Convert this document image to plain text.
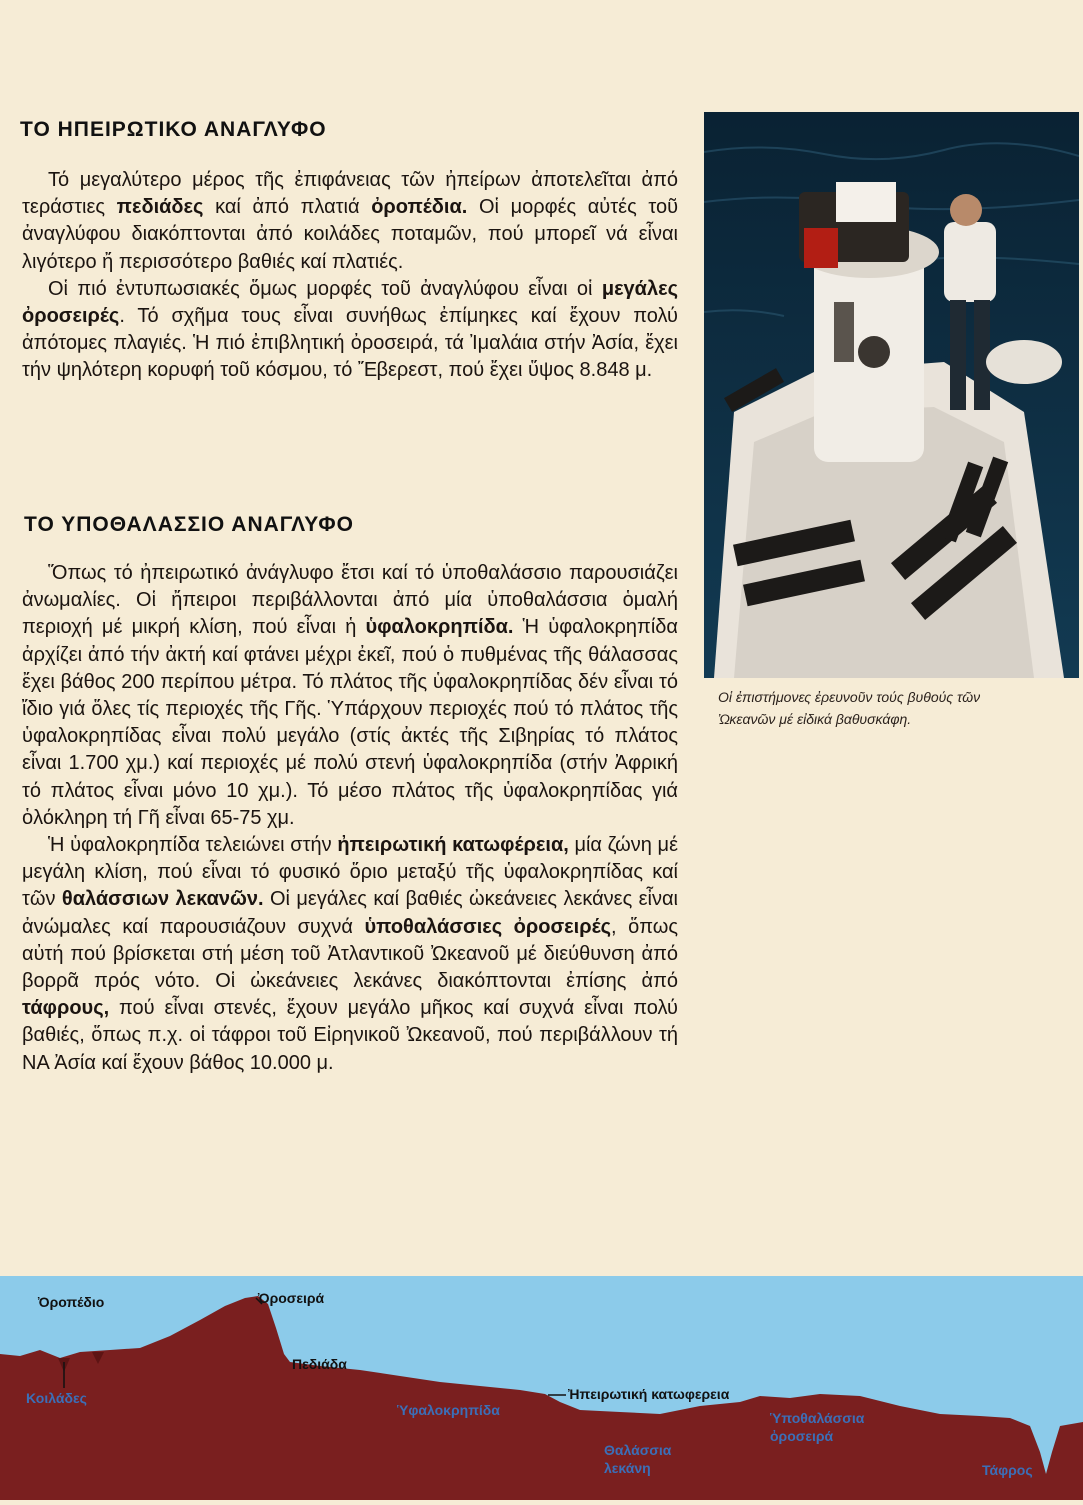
ΤΟ ΗΠΕΙΡΩΤΙΚΟ ΑΝΑΓΛΥΦΟ

Τό μεγαλύτερο μέρος τῆς ἐπιφάνειας τῶν ἠπείρων ἀποτελεῖται ἀπό τεράστιες πεδιάδες καί ἀπό πλατιά ὀροπέδια. Οἱ μορφές αὐτές τοῦ ἀναγλύφου διακόπτονται ἀπό κοιλάδες ποταμῶν, πού μπορεῖ νά εἶναι λιγότερο ἤ περισσότερο βαθιές καί πλατιές.

Οἱ πιό ἐντυπωσιακές ὅμως μορφές τοῦ ἀναγλύφου εἶναι οἱ μεγάλες ὀροσειρές. Τό σχῆμα τους εἶναι συνήθως ἐπίμηκες καί ἔχουν πολύ ἀπότομες πλαγιές. Ἡ πιό ἐπιβλητική ὀροσειρά, τά Ἰμαλάια στήν Ἀσία, ἔχει τήν ψηλότερη κορυφή τοῦ κόσμου, τό Ἔβερεστ, πού ἔχει ὕψος 8.848 μ.

ΤΟ ΥΠΟΘΑΛΑΣΣΙΟ ΑΝΑΓΛΥΦΟ

Ὅπως τό ἠπειρωτικό ἀνάγλυφο ἔτσι καί τό ὑποθαλάσσιο παρουσιάζει ἀνωμαλίες. Οἱ ἤπειροι περιβάλλονται ἀπό μία ὑποθαλάσσια ὁμαλή περιοχή μέ μικρή κλίση, πού εἶναι ἡ ὑφαλοκρηπίδα. Ἡ ὑφαλοκρηπίδα ἀρχίζει ἀπό τήν ἀκτή καί φτάνει μέχρι ἐκεῖ, πού ὁ πυθμένας τῆς θάλασσας ἔχει βάθος 200 περίπου μέτρα. Τό πλάτος τῆς ὑφαλοκρηπίδας δέν εἶναι τό ἴδιο γιά ὅλες τίς περιοχές τῆς Γῆς. Ὑπάρχουν περιοχές πού τό πλάτος τῆς ὑφαλοκρηπίδας εἶναι πολύ μεγάλο (στίς ἀκτές τῆς Σιβηρίας τό πλάτος εἶναι 1.700 χμ.) καί περιοχές μέ πολύ στενή ὑφαλοκρηπίδα (στήν Ἀφρική τό πλάτος εἶναι μόνο 10 χμ.). Τό μέσο πλάτος τῆς ὑφαλοκρηπίδας γιά ὁλόκληρη τή Γῆ εἶναι 65-75 χμ.

Ἡ ὑφαλοκρηπίδα τελειώνει στήν ἠπειρωτική κατωφέρεια, μία ζώνη μέ μεγάλη κλίση, πού εἶναι τό φυσικό ὅριο μεταξύ τῆς ὑφαλοκρηπίδας καί τῶν θαλάσσιων λεκανῶν. Οἱ μεγάλες καί βαθιές ὠκεάνειες λεκάνες εἶναι ἀνώμαλες καί παρουσιάζουν συχνά ὑποθαλάσσιες ὀροσειρές, ὅπως αὐτή πού βρίσκεται στή μέση τοῦ Ἀτλαντικοῦ Ὠκεανοῦ μέ διεύθυνση ἀπό βορρᾶ πρός νότο. Οἱ ὠκεάνειες λεκάνες διακόπτονται ἐπίσης ἀπό τάφρους, πού εἶναι στενές, ἔχουν μεγάλο μῆκος καί συχνά εἶναι πολύ βαθιές, ὅπως π.χ. οἱ τάφροι τοῦ Εἰρηνικοῦ Ὠκεανοῦ, πού περιβάλλουν τή ΝΑ Ἀσία καί ἔχουν βάθος 10.000 μ.

Οἱ ἐπιστήμονες ἐρευνοῦν τούς βυθούς τῶν Ὠκεανῶν μέ εἰδικά βαθυσκάφη.
Ὀροπέδιο	Ὀροσειρά
Πεδιάδα
Κοιλάδες
Ὑφαλοκρηπίδα
Ἠπειρωτική κατωφερεια
Ὑποθαλάσσια
ὀροσειρά
Θαλάσσια
λεκάνη	Τάφρος
